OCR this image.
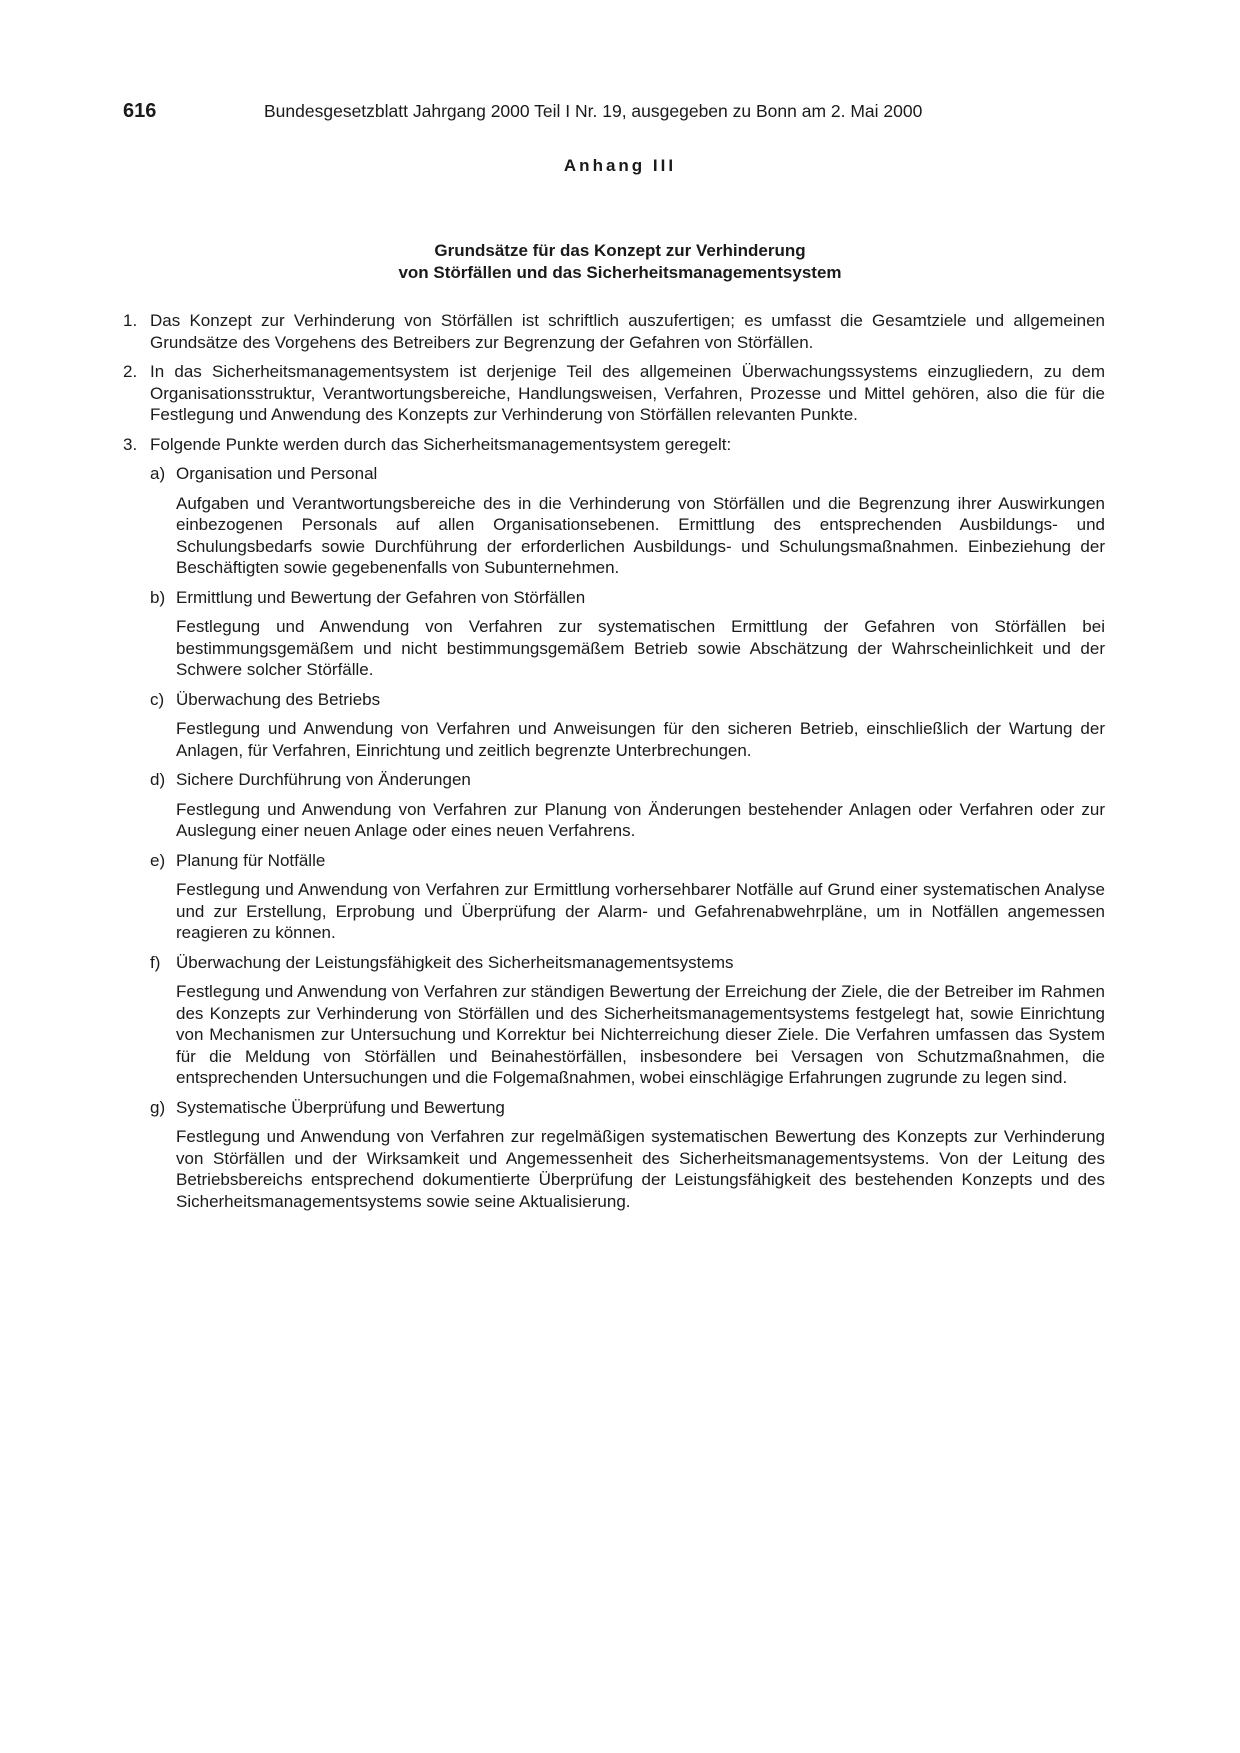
616	Bundesgesetzblatt Jahrgang 2000 Teil I Nr. 19, ausgegeben zu Bonn am 2. Mai 2000
Anhang III
Grundsätze für das Konzept zur Verhinderung
von Störfällen und das Sicherheitsmanagementsystem
1. Das Konzept zur Verhinderung von Störfällen ist schriftlich auszufertigen; es umfasst die Gesamtziele und allgemeinen Grundsätze des Vorgehens des Betreibers zur Begrenzung der Gefahren von Störfällen.
2. In das Sicherheitsmanagementsystem ist derjenige Teil des allgemeinen Überwachungssystems einzugliedern, zu dem Organisationsstruktur, Verantwortungsbereiche, Handlungsweisen, Verfahren, Prozesse und Mittel gehören, also die für die Festlegung und Anwendung des Konzepts zur Verhinderung von Störfällen relevanten Punkte.
3. Folgende Punkte werden durch das Sicherheitsmanagementsystem geregelt:
a) Organisation und Personal

Aufgaben und Verantwortungsbereiche des in die Verhinderung von Störfällen und die Begrenzung ihrer Auswirkungen einbezogenen Personals auf allen Organisationsebenen. Ermittlung des entsprechenden Ausbildungs- und Schulungsbedarfs sowie Durchführung der erforderlichen Ausbildungs- und Schulungsmaßnahmen. Einbeziehung der Beschäftigten sowie gegebenenfalls von Subunternehmen.

b) Ermittlung und Bewertung der Gefahren von Störfällen

Festlegung und Anwendung von Verfahren zur systematischen Ermittlung der Gefahren von Störfällen bei bestimmungsgemäßem und nicht bestimmungsgemäßem Betrieb sowie Abschätzung der Wahrscheinlichkeit und der Schwere solcher Störfälle.

c) Überwachung des Betriebs

Festlegung und Anwendung von Verfahren und Anweisungen für den sicheren Betrieb, einschließlich der Wartung der Anlagen, für Verfahren, Einrichtung und zeitlich begrenzte Unterbrechungen.

d) Sichere Durchführung von Änderungen

Festlegung und Anwendung von Verfahren zur Planung von Änderungen bestehender Anlagen oder Verfahren oder zur Auslegung einer neuen Anlage oder eines neuen Verfahrens.

e) Planung für Notfälle

Festlegung und Anwendung von Verfahren zur Ermittlung vorhersehbarer Notfälle auf Grund einer systematischen Analyse und zur Erstellung, Erprobung und Überprüfung der Alarm- und Gefahrenabwehrpläne, um in Notfällen angemessen reagieren zu können.

f) Überwachung der Leistungsfähigkeit des Sicherheitsmanagementsystems

Festlegung und Anwendung von Verfahren zur ständigen Bewertung der Erreichung der Ziele, die der Betreiber im Rahmen des Konzepts zur Verhinderung von Störfällen und des Sicherheitsmanagementsystems festgelegt hat, sowie Einrichtung von Mechanismen zur Untersuchung und Korrektur bei Nichterreichung dieser Ziele. Die Verfahren umfassen das System für die Meldung von Störfällen und Beinahestörfällen, insbesondere bei Versagen von Schutzmaßnahmen, die entsprechenden Untersuchungen und die Folgemaßnahmen, wobei einschlägige Erfahrungen zugrunde zu legen sind.

g) Systematische Überprüfung und Bewertung

Festlegung und Anwendung von Verfahren zur regelmäßigen systematischen Bewertung des Konzepts zur Verhinderung von Störfällen und der Wirksamkeit und Angemessenheit des Sicherheitsmanagementsystems. Von der Leitung des Betriebsbereichs entsprechend dokumentierte Überprüfung der Leistungsfähigkeit des bestehenden Konzepts und des Sicherheitsmanagementsystems sowie seine Aktualisierung.
